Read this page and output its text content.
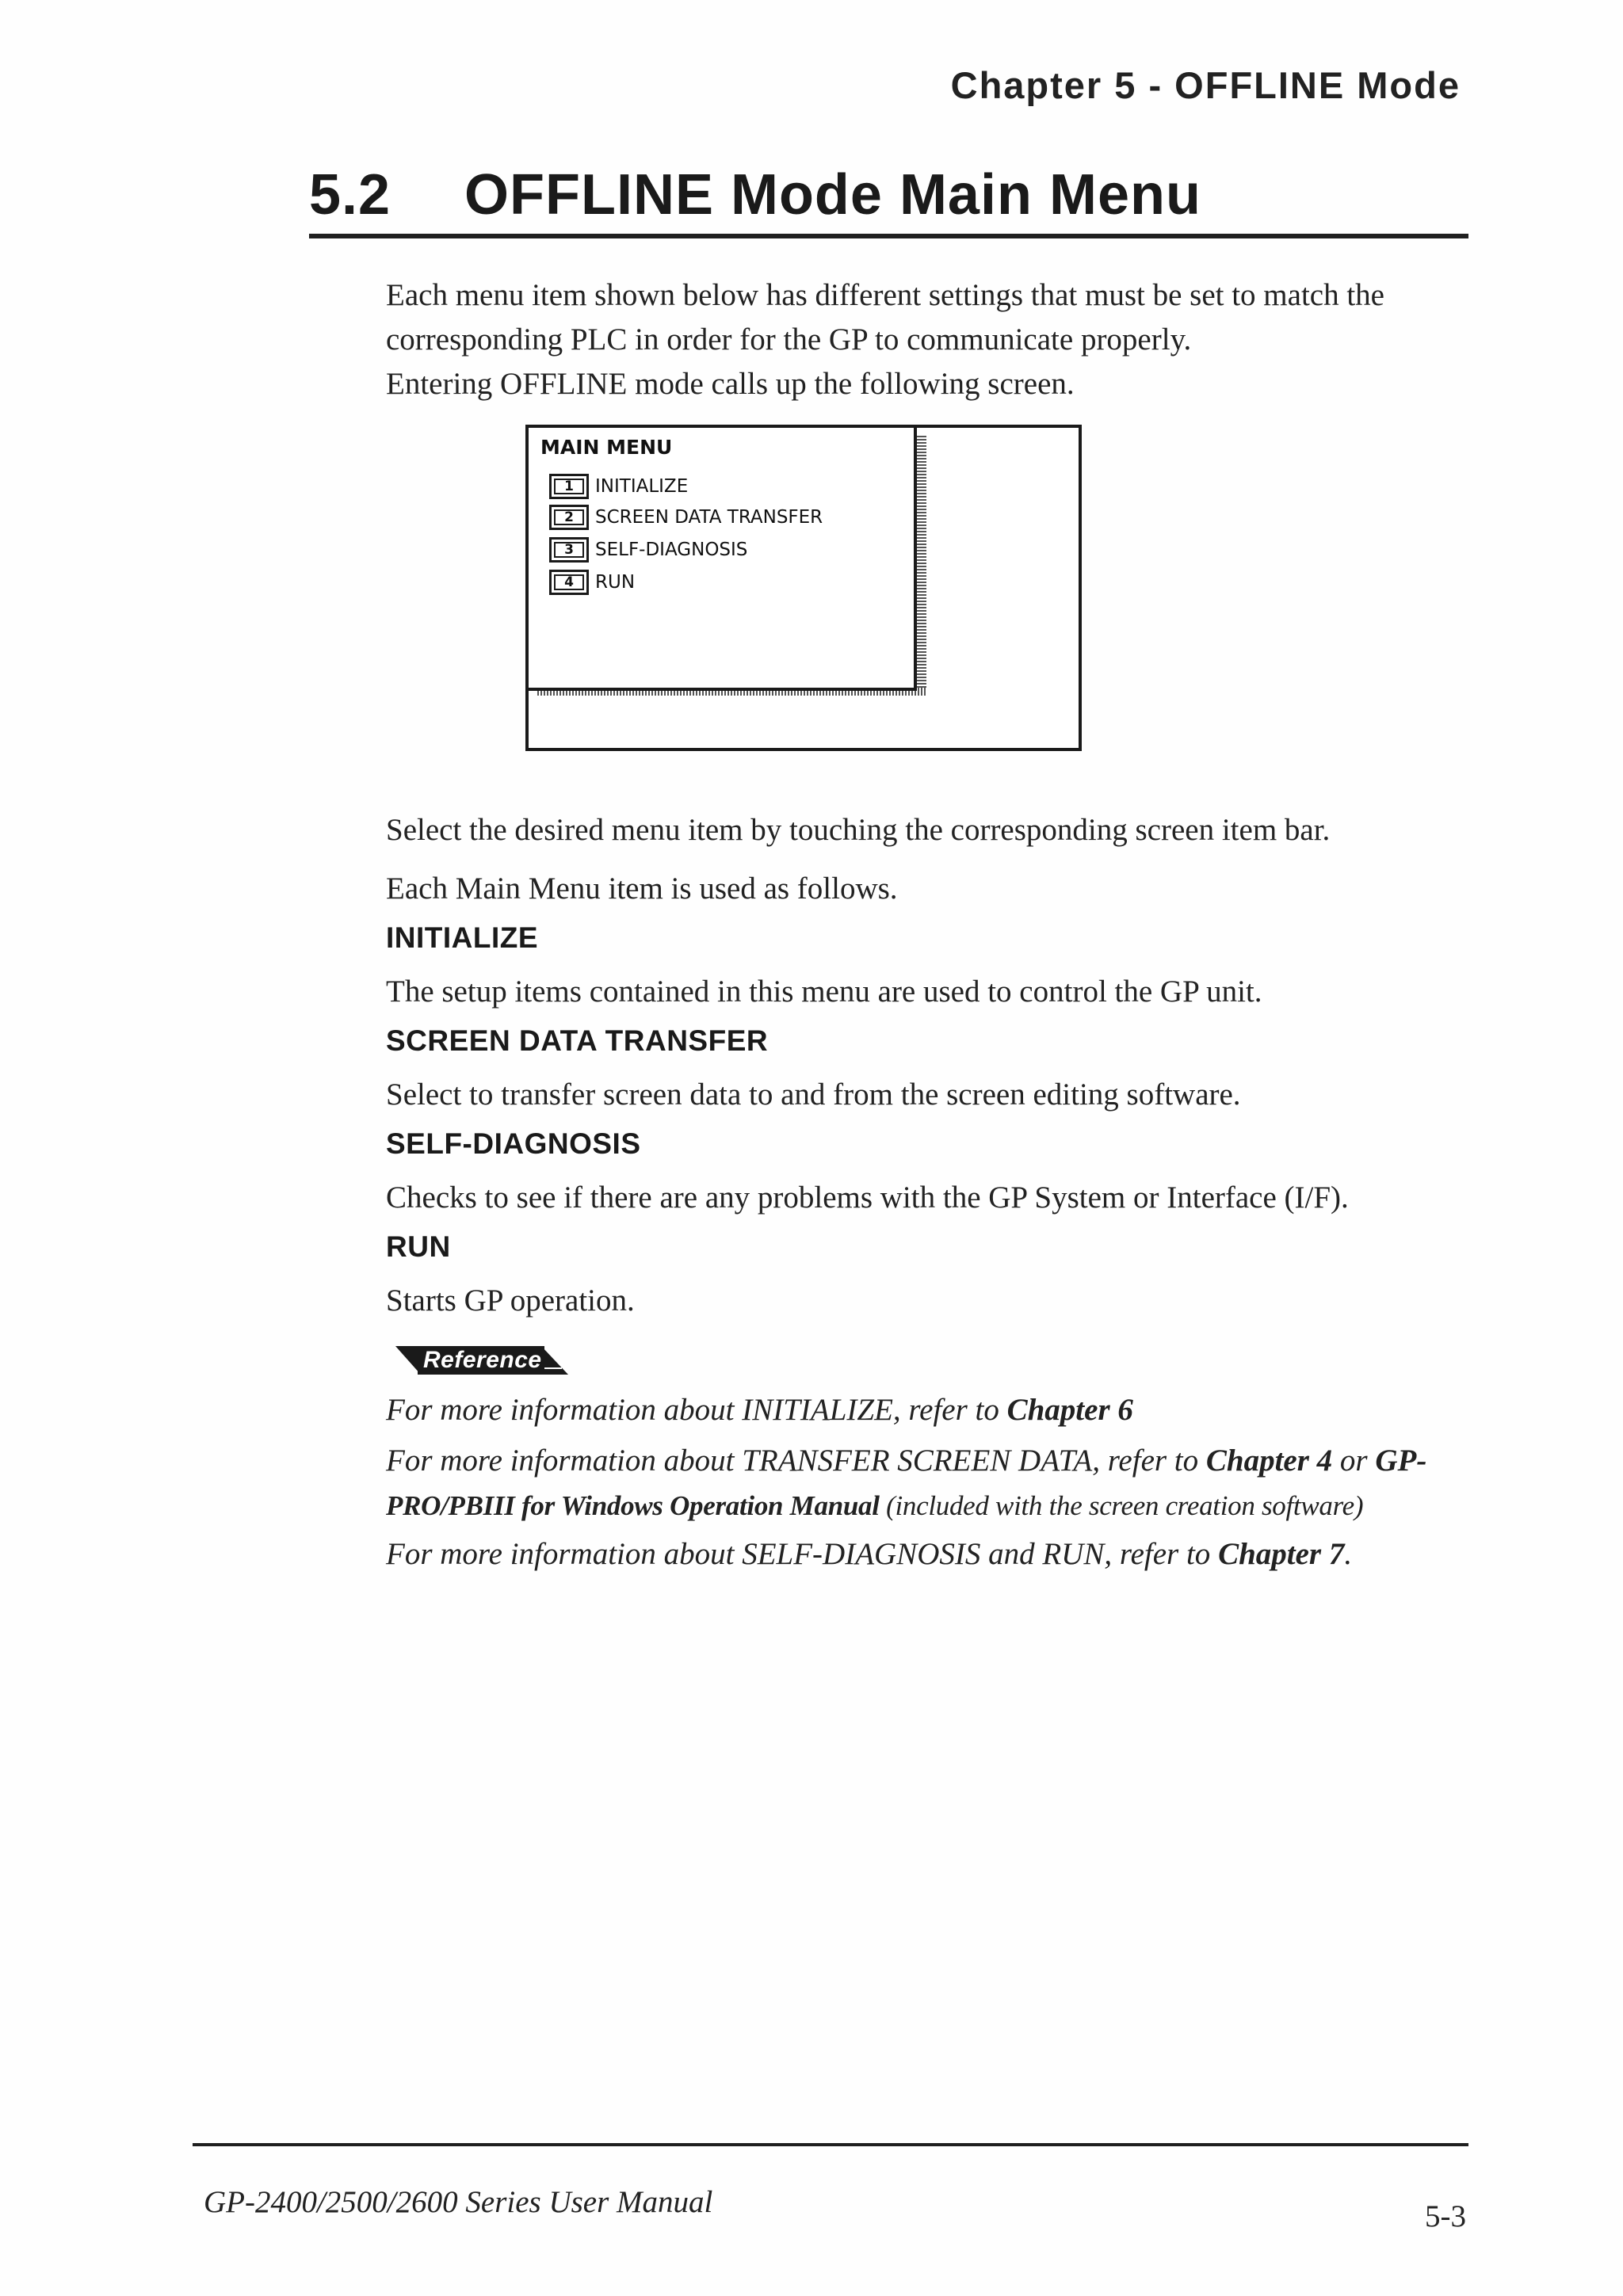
Chapter 5 - OFFLINE Mode
5.2 OFFLINE Mode Main Menu

Each menu item shown below has different settings that must be set to match the

corresponding PLC in order for the GP to communicate properly.

Entering OFFLINE mode calls up the following screen.

MAIN MENU
1	INITIALIZE
2	SCREEN DATA TRANSFER
3	SELF-DIAGNOSIS
4	RUN
Select the desired menu item by touching the corresponding screen item bar.
Each Main Menu item is used as follows.
INITIALIZE
The setup items contained in this menu are used to control the GP unit.
SCREEN DATA TRANSFER
Select to transfer screen data to and from the screen editing software.
SELF-DIAGNOSIS
Checks to see if there are any problems with the GP System or Interface (I/F).
RUN
Starts GP operation.
Reference
For more information about INITIALIZE, refer to Chapter 6
For more information about TRANSFER SCREEN DATA, refer to Chapter 4 or GP-
PRO/PBIII for Windows Operation Manual (included with the screen creation software)
For more information about SELF-DIAGNOSIS and RUN, refer to Chapter 7.
GP-2400/2500/2600 Series User Manual	5-3
